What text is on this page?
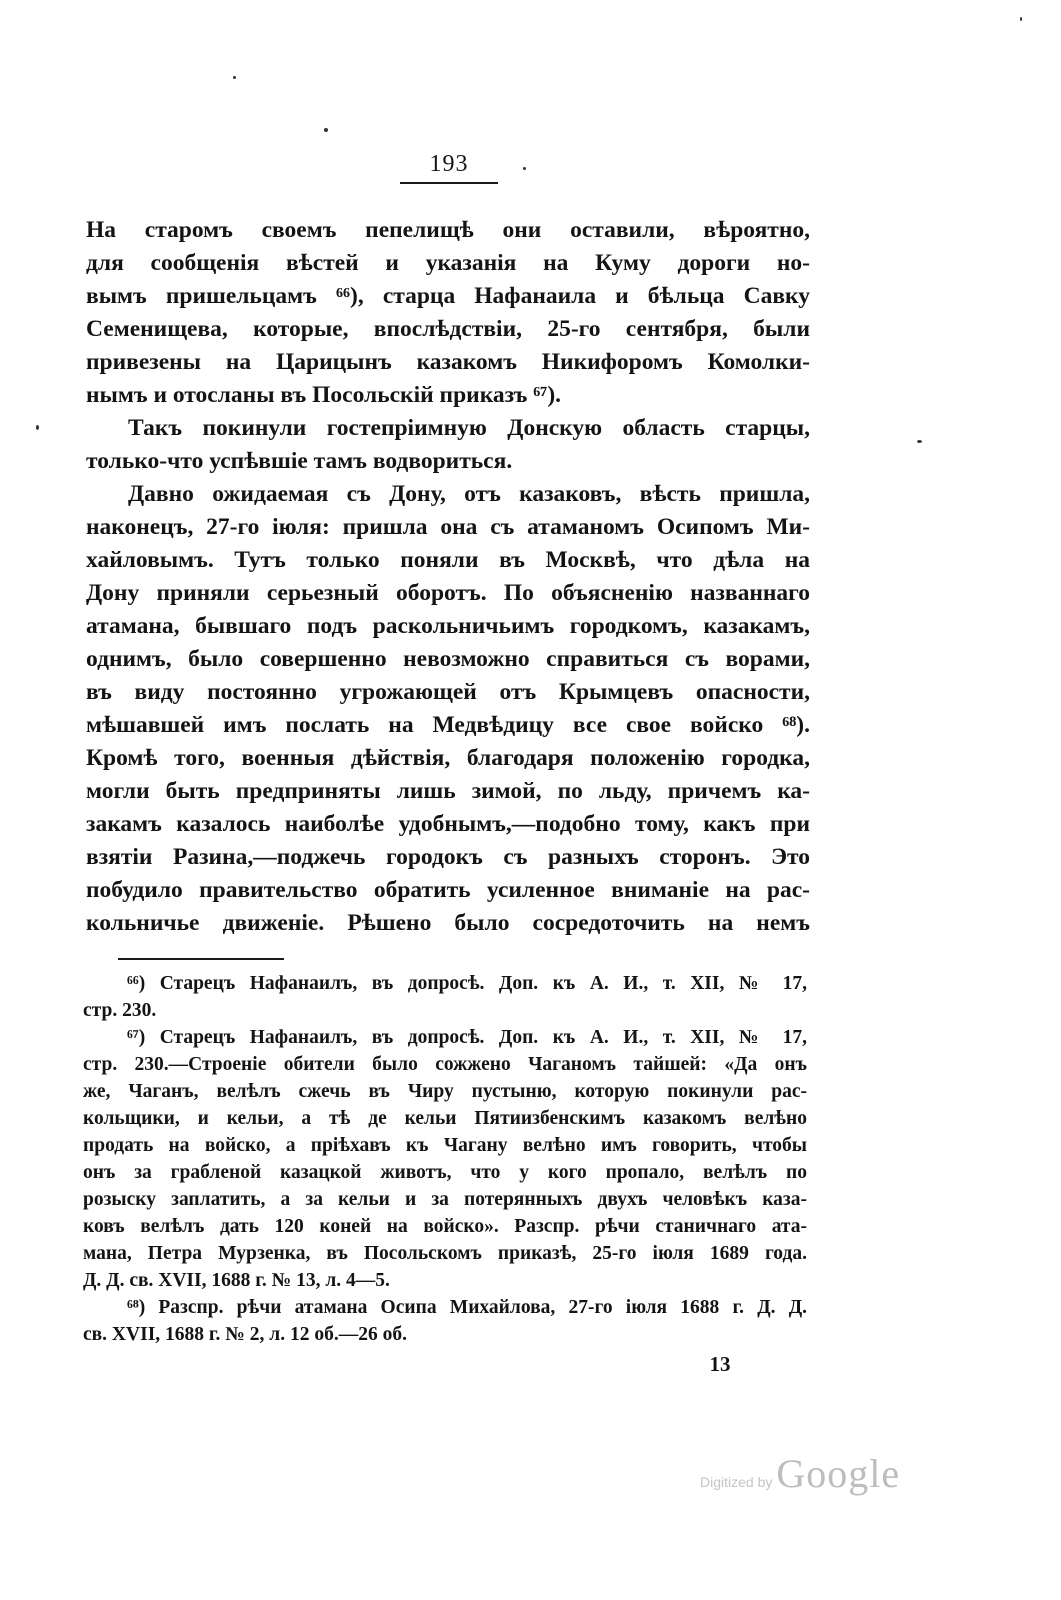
193
На старомъ своемъ пепелищѣ они оставили, вѣроятно,
для сообщенія вѣстей и указанія на Куму дороги но-
вымъ пришельцамъ ⁶⁶), старца Нафанаила и бѣльца Савку
Семенищева, которые, впослѣдствіи, 25-го сентября, были
привезены на Царицынъ казакомъ Никифоромъ Комолки-
нымъ и отосланы въ Посольскій приказъ ⁶⁷).
Такъ покинули гостепріимную Донскую область старцы,
только-что успѣвшіе тамъ водвориться.
Давно ожидаемая съ Дону, отъ казаковъ, вѣсть пришла,
наконецъ, 27-го іюля: пришла она съ атаманомъ Осипомъ Ми-
хайловымъ. Тутъ только поняли въ Москвѣ, что дѣла на
Дону приняли серьезный оборотъ. По объясненію названнаго
атамана, бывшаго подъ раскольничьимъ городкомъ, казакамъ,
однимъ, было совершенно невозможно справиться съ ворами,
въ виду постоянно угрожающей отъ Крымцевъ опасности,
мѣшавшей имъ послать на Медвѣдицу все свое войско ⁶⁸).
Кромѣ того, военныя дѣйствія, благодаря положенію городка,
могли быть предприняты лишь зимой, по льду, причемъ ка-
закамъ казалось наиболѣе удобнымъ,—подобно тому, какъ при
взятіи Разина,—поджечь городокъ съ разныхъ сторонъ. Это
побудило правительство обратить усиленное вниманіе на рас-
кольничье движеніе. Рѣшено было сосредоточить на немъ
⁶⁶) Старецъ Нафанаилъ, въ допросѣ. Доп. къ А. И., т. XII, № 17,
стр. 230.
⁶⁷) Старецъ Нафанаилъ, въ допросѣ. Доп. къ А. И., т. XII, № 17,
стр. 230.—Строеніе обители было сожжено Чаганомъ тайшей: «Да онъ
же, Чаганъ, велѣлъ сжечь въ Чиру пустыню, которую покинули рас-
кольщики, и кельи, а тѣ де кельи Пятиизбенскимъ казакомъ велѣно
продать на войско, а пріѣхавъ къ Чагану велѣно имъ говорить, чтобы
онъ за грабленой казацкой животъ, что у кого пропало, велѣлъ по
розыску заплатить, а за кельи и за потерянныхъ двухъ человѣкъ каза-
ковъ велѣлъ дать 120 коней на войско». Разспр. рѣчи станичнаго ата-
мана, Петра Мурзенка, въ Посольскомъ приказѣ, 25-го іюля 1689 года.
Д. Д. св. XVII, 1688 г. № 13, л. 4—5.
⁶⁸) Разспр. рѣчи атамана Осипа Михайлова, 27-го іюля 1688 г. Д. Д.
св. XVII, 1688 г. № 2, л. 12 об.—26 об.
13
Digitized by Google
